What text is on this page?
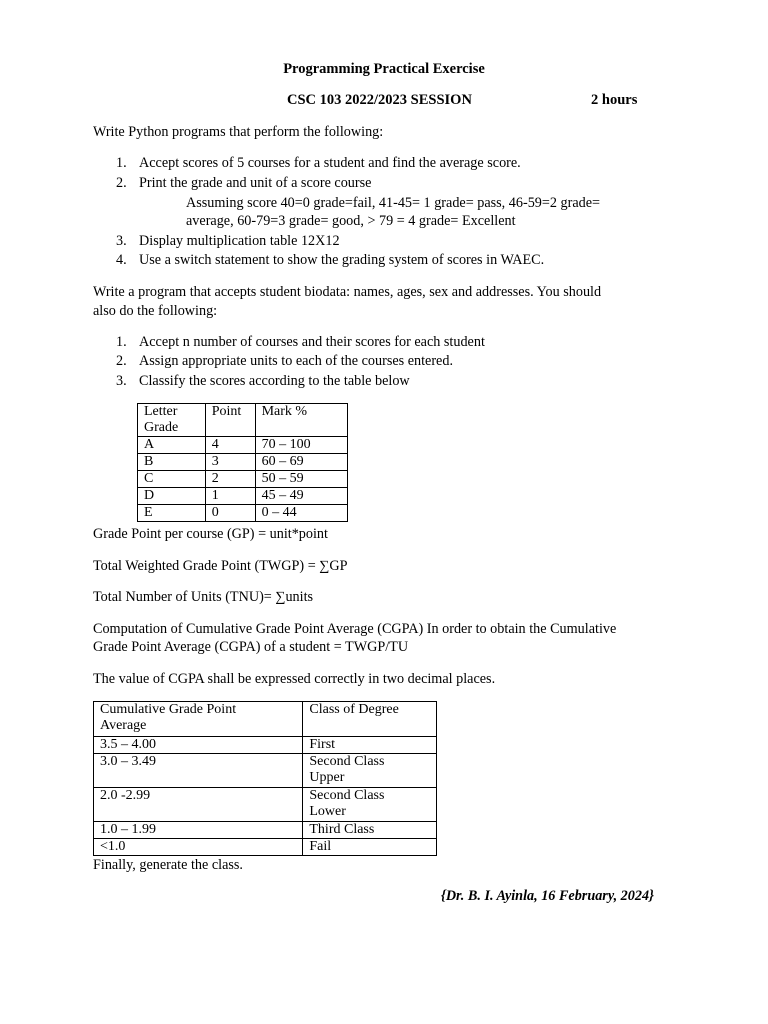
Programming Practical Exercise
CSC 103 2022/2023 SESSION	2 hours
Write Python programs that perform the following:
1. Accept scores of 5 courses for a student and find the average score.
2. Print the grade and unit of a score course
3. Display multiplication table 12X12
4. Use a switch statement to show the grading system of scores in WAEC.
Assuming score 40=0 grade=fail, 41-45= 1 grade= pass, 46-59=2 grade=
average, 60-79=3 grade= good, > 79 = 4 grade= Excellent
Write a program that accepts student biodata: names, ages, sex and addresses. You should
also do the following:
1. Accept n number of courses and their scores for each student
2. Assign appropriate units to each of the courses entered.
3. Classify the scores according to the table below
Letter
Grade	Point	Mark %
A	4	70 – 100
B	3	60 – 69
C	2	50 – 59
D	1	45 – 49
E	0	0 – 44
Grade Point per course (GP) = unit*point
Total Weighted Grade Point (TWGP) = ∑GP
Total Number of Units (TNU)= ∑units
Computation of Cumulative Grade Point Average (CGPA) In order to obtain the Cumulative
Grade Point Average (CGPA) of a student = TWGP/TU
The value of CGPA shall be expressed correctly in two decimal places.
Cumulative Grade Point
Average	Class of Degree
3.5 – 4.00	First
3.0 – 3.49	Second Class
Upper
2.0 -2.99	Second Class
Lower
1.0 – 1.99	Third Class
<1.0	Fail
Finally, generate the class.
{Dr. B. I. Ayinla, 16 February, 2024}
